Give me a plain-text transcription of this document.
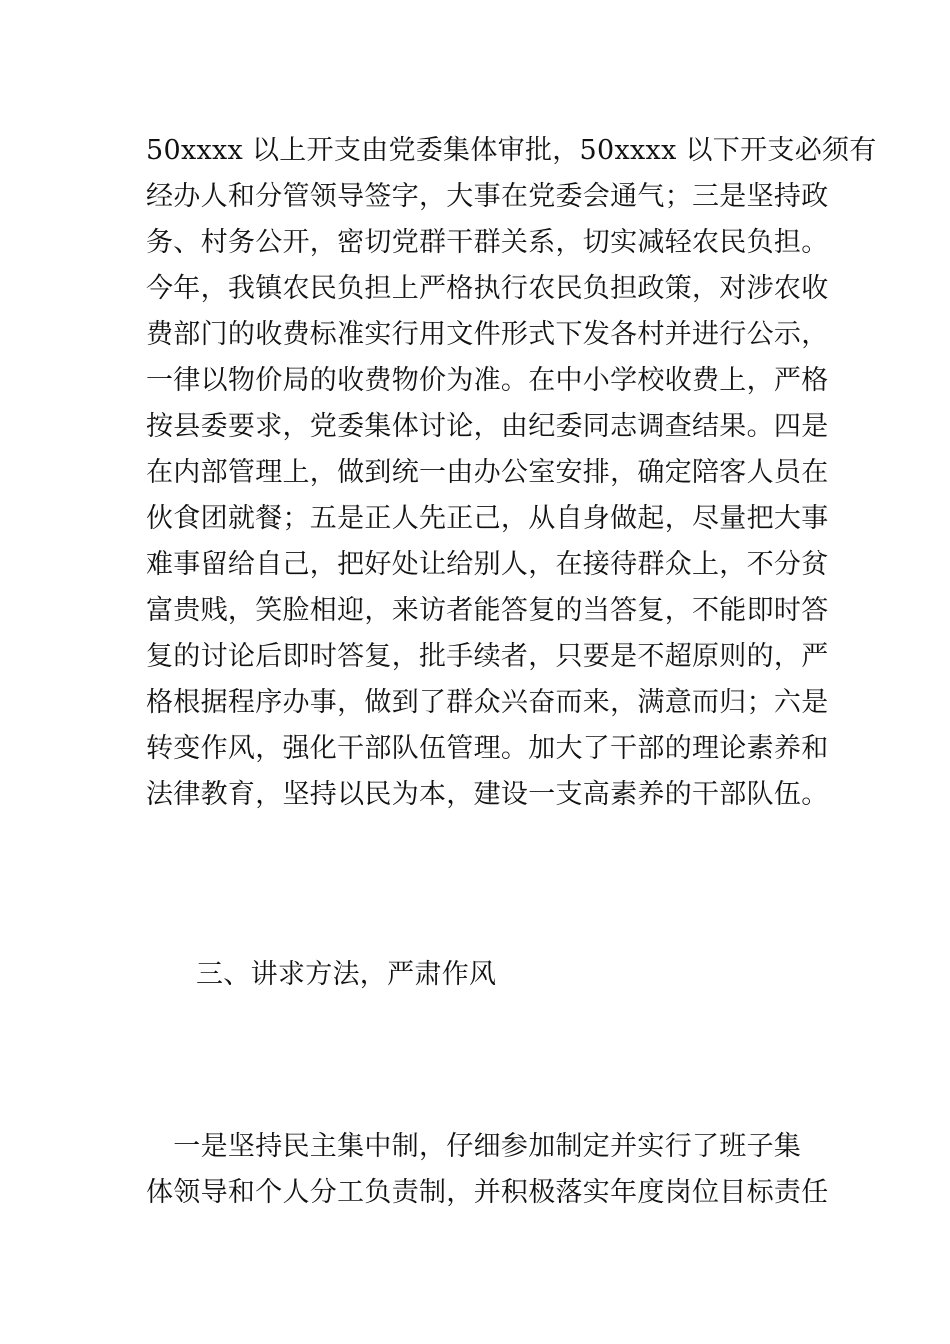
50xxxx 以上开支由党委集体审批，50xxxx 以下开支必须有
经办人和分管领导签字，大事在党委会通气；三是坚持政
务、村务公开，密切党群干群关系，切实减轻农民负担。
今年，我镇农民负担上严格执行农民负担政策，对涉农收
费部门的收费标准实行用文件形式下发各村并进行公示，
一律以物价局的收费物价为准。在中小学校收费上，严格
按县委要求，党委集体讨论，由纪委同志调查结果。四是
在内部管理上，做到统一由办公室安排，确定陪客人员在
伙食团就餐；五是正人先正己，从自身做起，尽量把大事
难事留给自己，把好处让给别人，在接待群众上，不分贫
富贵贱，笑脸相迎，来访者能答复的当答复，不能即时答
复的讨论后即时答复，批手续者，只要是不超原则的，严
格根据程序办事，做到了群众兴奋而来，满意而归；六是
转变作风，强化干部队伍管理。加大了干部的理论素养和
法律教育，坚持以民为本，建设一支高素养的干部队伍。
三、讲求方法，严肃作风
　一是坚持民主集中制，仔细参加制定并实行了班子集
体领导和个人分工负责制，并积极落实年度岗位目标责任
